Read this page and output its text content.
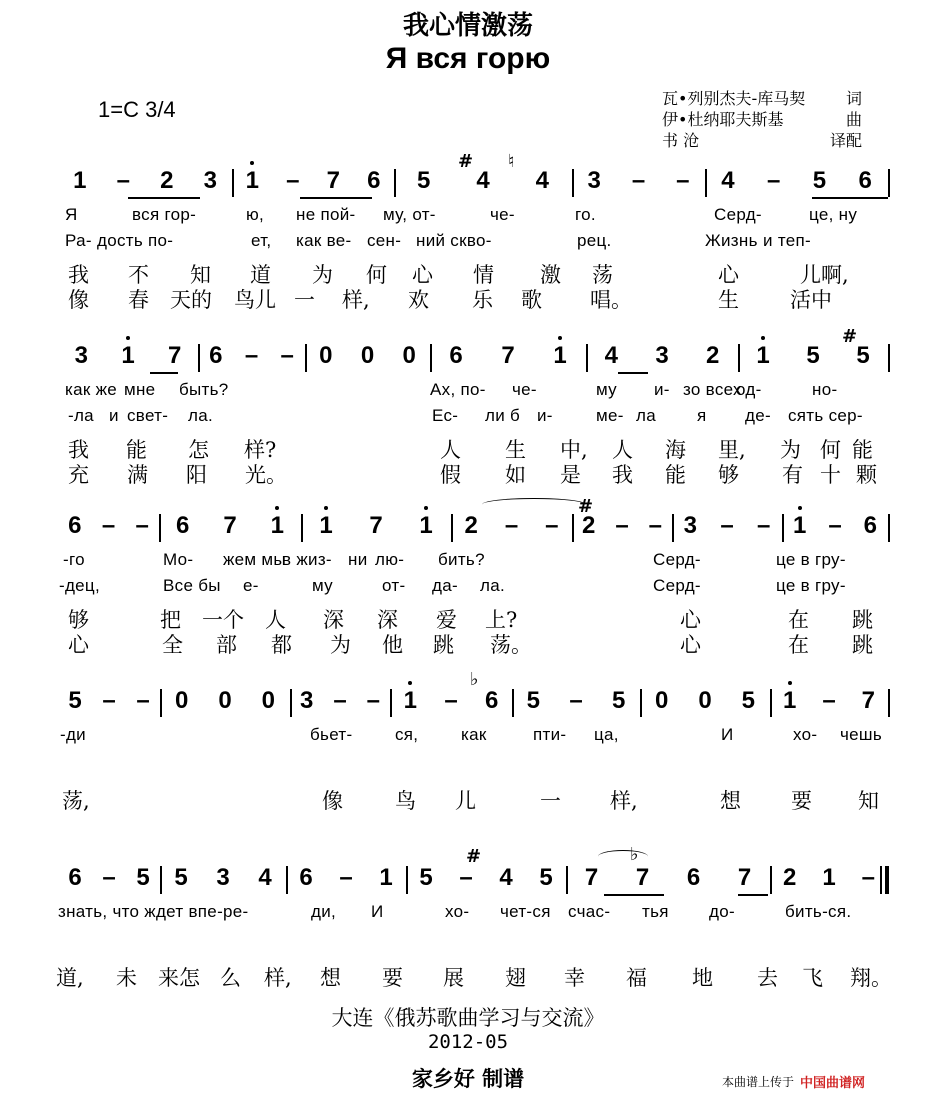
我心情激荡
Я вся горю
1=C 3/4	瓦•列别杰夫-库马契	词
伊•杜纳耶夫斯基	曲
书 沧	译配
1 – 2 3 1 – 7 6 5 4 4 3 – – 4 – 5 6
Я	вся гор-	ю, не пой- му, от-	че-	го.	Серд-	це, ну
Ра- дость по-	ет, как ве- сен- ний скво-	рец.	Жизнь и теп-
我 不 知 道 为 何 心 情 激 荡	心	儿啊,
像 春 天的 鸟儿 一 样, 欢 乐 歌 唱。	生 活中
3 1 7 6 – – 0 0 0 6 7 1 4 3 2 1 5 5
как же мне быть?	Ах, по- че-	му и- зо всех
од-	но-
-ла и свет- ла.	Ес- ли б и-	ме- ла я де- сять сер-
我 能 怎 样?	人 生 中, 人 海 里, 为 何 能
充 满 阳 光。	假 如 是 我 能 够 有 十 颗
6 – – 6 7 1 1 7 1 2 – – 2 – – 3 – – 1 – 6
-го	Мо- жем мы
в жиз- ни лю- бить?	Серд-	це в гру-
-дец,	Все бы е-	му	от- да- ла.	Серд-	це в гру-
够	把 一个 人 深 深 爱 上?	心	在 跳
心	全 部 都 为 他 跳 荡。	心	在 跳
5 – – 0 0 0 3 – – 1 – 6 5 – 5 0 0 5 1 – 7
-ди	бьет-	ся,	как	пти- ца,	И	хо- чешь
荡,	像 鸟 儿	一 样,	想 要 知
6 – 5 5 3 4 6 – 1 5 – 4 5 7 7 6 7 2 1 –
знать, что ждет впе-ре-	ди, И	хо- чет-ся счас- тья до-	бить-ся.
道, 未 来怎 么 样, 想 要 展 翅 幸 福 地 去 飞 翔。
# ♮
#
#
♭
#	♭
大连《俄苏歌曲学习与交流》
2012-05
家乡好 制谱	本曲谱上传于 中国曲谱网
